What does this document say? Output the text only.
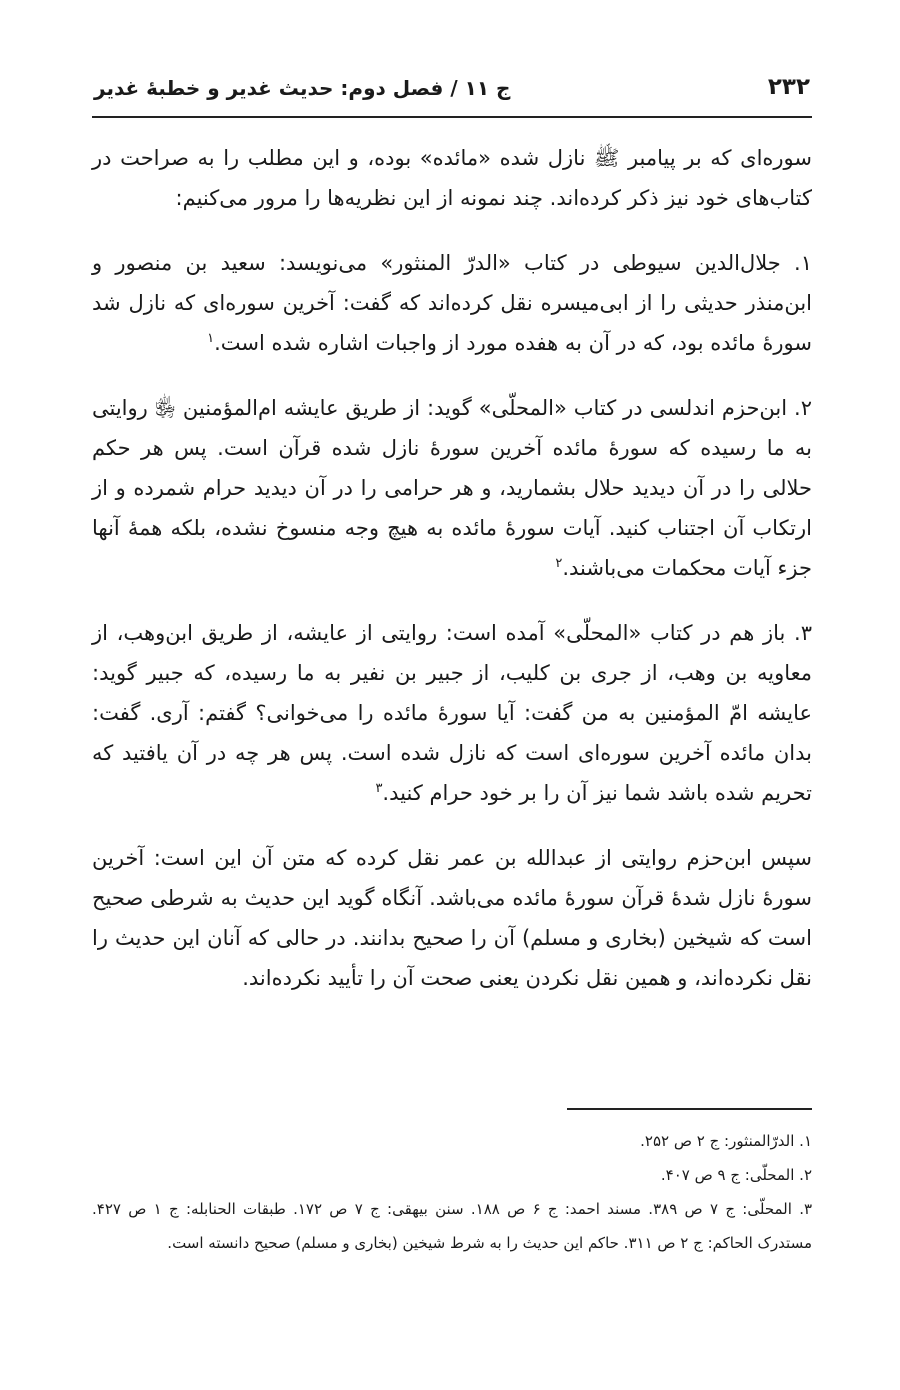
۲۳۲
ج ۱۱ / فصل دوم: حدیث غدیر و خطبهٔ غدیر

سوره‌ای که بر پیامبر ﷺ نازل شده «مائده» بوده، و این مطلب را به صراحت در کتاب‌های خود نیز ذکر کرده‌اند. چند نمونه از این نظریه‌ها را مرور می‌کنیم:

۱. جلال‌الدین سیوطی در کتاب «الدرّ المنثور» می‌نویسد: سعید بن منصور و ابن‌منذر حدیثی را از ابی‌میسره نقل کرده‌اند که گفت: آخرین سوره‌ای که نازل شد سورهٔ مائده بود، که در آن به هفده مورد از واجبات اشاره شده است.$^۱$

۲. ابن‌حزم اندلسی در کتاب «المحلّی» گوید: از طریق عایشه ام‌المؤمنین ﵂ روایتی به ما رسیده که سورهٔ مائده آخرین سورهٔ نازل شده قرآن است. پس هر حکم حلالی را در آن دیدید حلال بشمارید، و هر حرامی را در آن دیدید حرام شمرده و از ارتکاب آن اجتناب کنید. آیات سورهٔ مائده به هیچ وجه منسوخ نشده، بلکه همهٔ آنها جزء آیات محکمات می‌باشند.$^۲$

۳. باز هم در کتاب «المحلّی» آمده است: روایتی از عایشه، از طریق ابن‌وهب، از معاویه بن وهب، از جری بن کلیب، از جبیر بن نفیر به ما رسیده، که جبیر گوید: عایشه امّ المؤمنین به من گفت: آیا سورهٔ مائده را می‌خوانی؟ گفتم: آری. گفت: بدان مائده آخرین سوره‌ای است که نازل شده است. پس هر چه در آن یافتید که تحریم شده باشد شما نیز آن را بر خود حرام کنید.$^۳$

سپس ابن‌حزم روایتی از عبدالله بن عمر نقل کرده که متن آن این است: آخرین سورهٔ نازل شدهٔ قرآن سورهٔ مائده می‌باشد. آنگاه گوید این حدیث به شرطی صحیح است که شیخین (بخاری و مسلم) آن را صحیح بدانند. در حالی که آنان این حدیث را نقل نکرده‌اند، و همین نقل نکردن یعنی صحت آن را تأیید نکرده‌اند.

۱. الدرّالمنثور: ج ۲ ص ۲۵۲.

۲. المحلّی: ج ۹ ص ۴۰۷.

۳. المحلّی: ج ۷ ص ۳۸۹. مسند احمد: ج ۶ ص ۱۸۸. سنن بیهقی: ج ۷ ص ۱۷۲. طبقات الحنابله: ج ۱ ص ۴۲۷. مستدرک الحاکم: ج ۲ ص ۳۱۱. حاکم این حدیث را به شرط شیخین (بخاری و مسلم) صحیح دانسته است.
